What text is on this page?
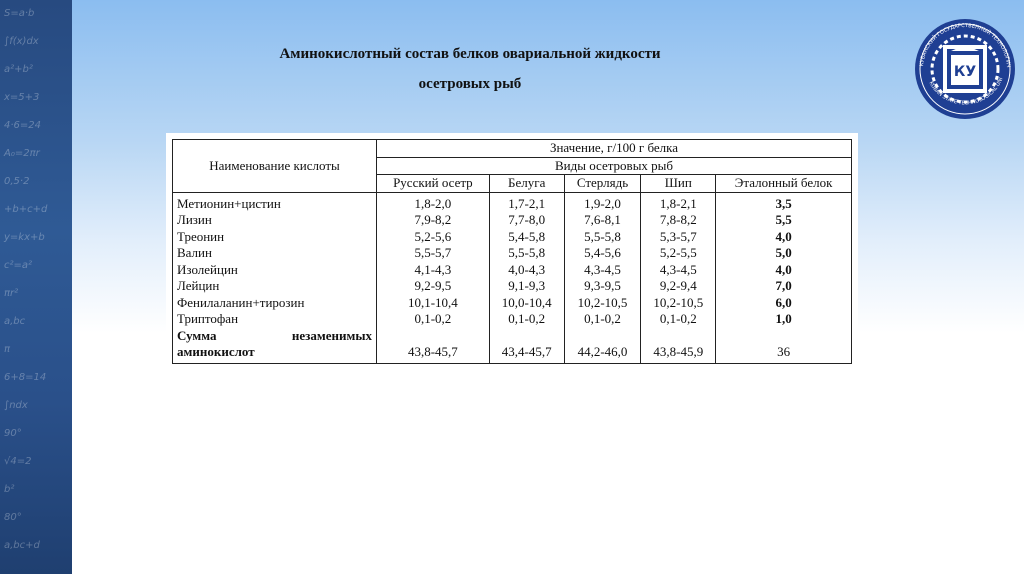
S=a·b
∫f(x)dx
a²+b²
x=5+3
4·6=24
A₀=2πr
0,5·2
+b+c+d
y=kx+b
c²=a²
πr²
a,bc
π
6+8=14
∫ndx
90°
√4=2
b²
80°
a,bc+d
Аминокислотный состав белков овариальной жидкости
осетровых рыб
КУБАНСКИЙ ГОСУДАРСТВЕННЫЙ ТЕХНОЛОГИЧ
KUBAN STATE TECHNOLOGICAL UNI
КУ
Наименование кислоты	Значение, г/100 г белка				
	Виды осетровых рыб				
	Русский осетр	Белуга	Стерлядь	Шип	Эталонный белок
Метионин+цистин	1,8-2,0	1,7-2,1	1,9-2,0	1,8-2,1	3,5
Лизин	7,9-8,2	7,7-8,0	7,6-8,1	7,8-8,2	5,5
Треонин	5,2-5,6	5,4-5,8	5,5-5,8	5,3-5,7	4,0
Валин	5,5-5,7	5,5-5,8	5,4-5,6	5,2-5,5	5,0
Изолейцин	4,1-4,3	4,0-4,3	4,3-4,5	4,3-4,5	4,0
Лейцин	9,2-9,5	9,1-9,3	9,3-9,5	9,2-9,4	7,0
Фенилаланин+тирозин	10,1-10,4	10,0-10,4	10,2-10,5	10,2-10,5	6,0
Триптофан	0,1-0,2	0,1-0,2	0,1-0,2	0,1-0,2	1,0
Сумма незаменимых					
аминокислот	43,8-45,7	43,4-45,7	44,2-46,0	43,8-45,9	36
